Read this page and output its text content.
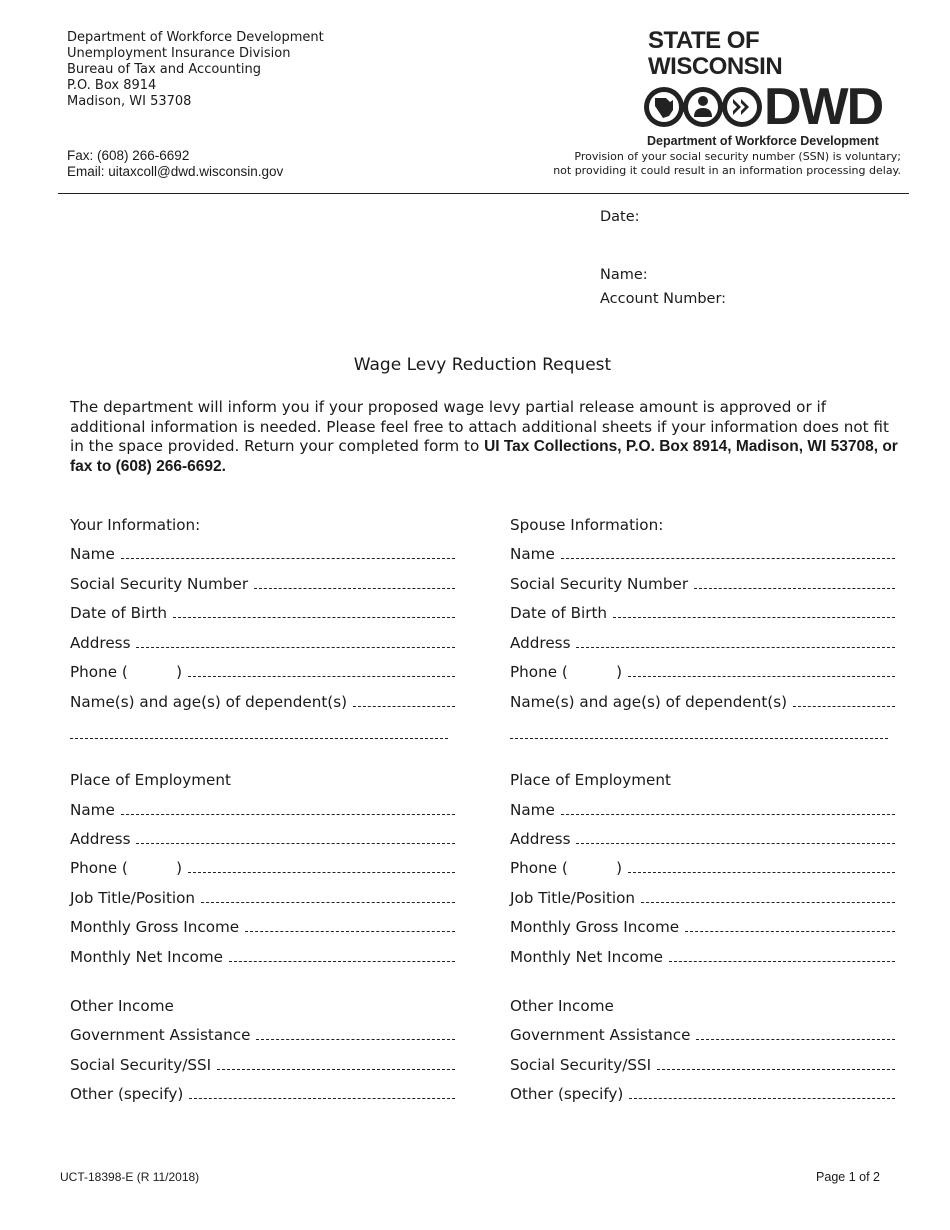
Department of Workforce Development
Unemployment Insurance Division
Bureau of Tax and Accounting
P.O. Box 8914
Madison, WI 53708
Fax: (608) 266-6692
Email: uitaxcoll@dwd.wisconsin.gov
STATE OF WISCONSIN
DWD
Department of Workforce Development
Provision of your social security number (SSN) is voluntary;
not providing it could result in an information processing delay.
Date:
Name:
Account Number:
Wage Levy Reduction Request
The department will inform you if your proposed wage levy partial release amount is approved or if additional information is needed. Please feel free to attach additional sheets if your information does not fit in the space provided. Return your completed form to UI Tax Collections, P.O. Box 8914, Madison, WI 53708, or fax to (608) 266-6692.
Your Information:
Name
Social Security Number
Date of Birth
Address
Phone (          )
Name(s) and age(s) of dependent(s)
Place of Employment
Name
Address
Phone (          )
Job Title/Position
Monthly Gross Income
Monthly Net Income
Other Income
Government Assistance
Social Security/SSI
Other (specify)
Spouse Information:
Name
Social Security Number
Date of Birth
Address
Phone (          )
Name(s) and age(s) of dependent(s)
Place of Employment
Name
Address
Phone (          )
Job Title/Position
Monthly Gross Income
Monthly Net Income
Other Income
Government Assistance
Social Security/SSI
Other (specify)
UCT-18398-E (R 11/2018)	Page 1 of 2
